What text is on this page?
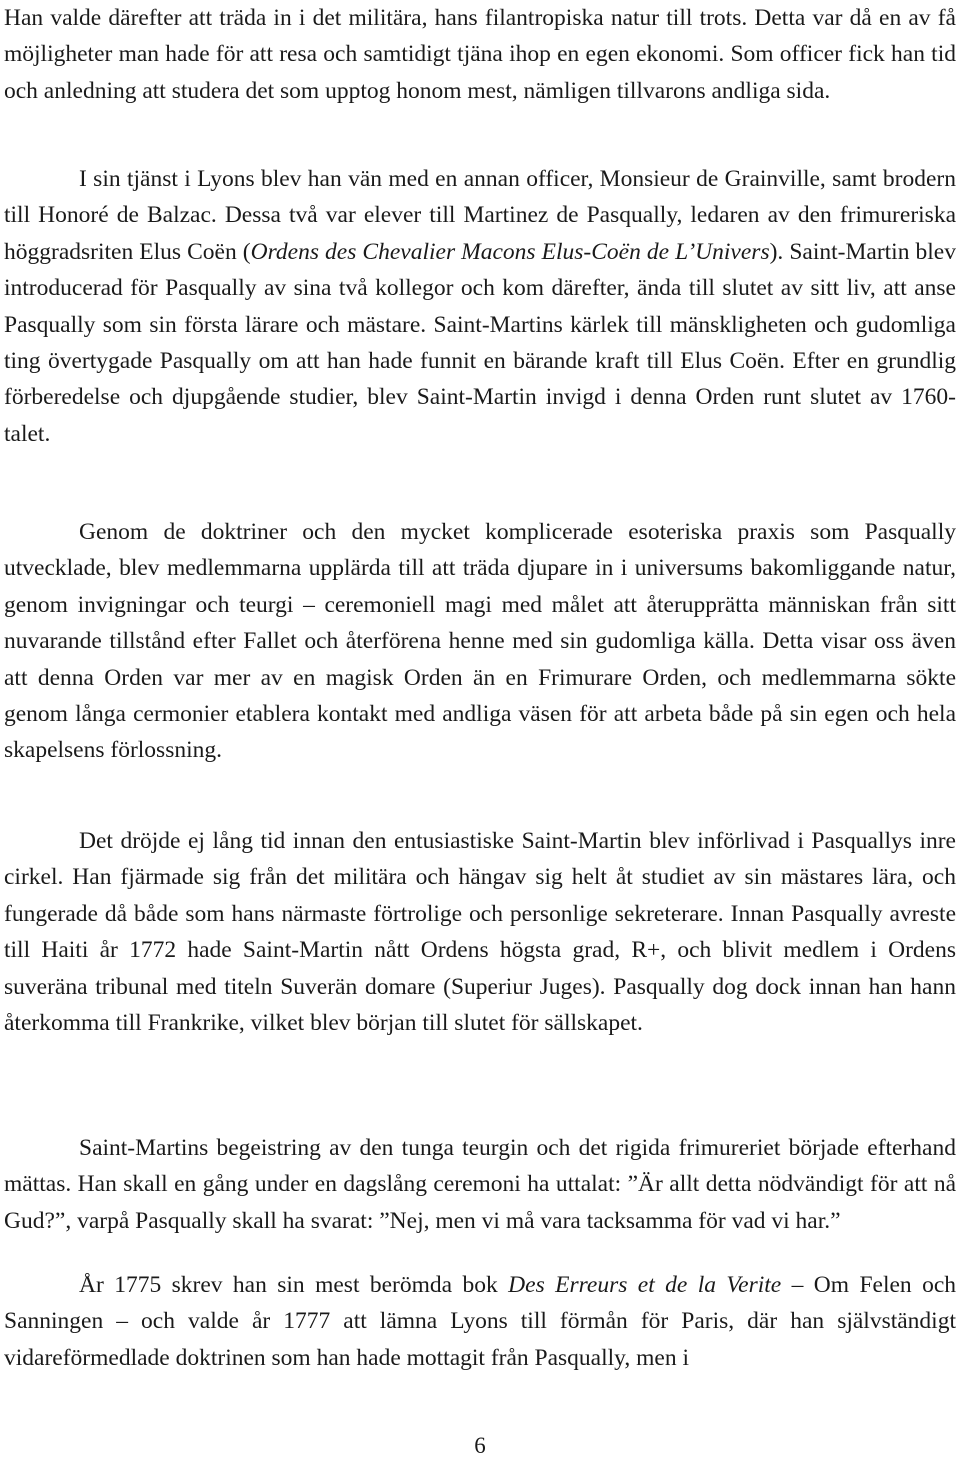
Han valde därefter att träda in i det militära, hans filantropiska natur till trots. Detta var då en av få möjligheter man hade för att resa och samtidigt tjäna ihop en egen ekonomi. Som officer fick han tid och anledning att studera det som upptog honom mest, nämligen tillvarons andliga sida.

I sin tjänst i Lyons blev han vän med en annan officer, Monsieur de Grainville, samt brodern till Honoré de Balzac. Dessa två var elever till Martinez de Pasqually, ledaren av den frimureriska höggradsriten Elus Coën (Ordens des Chevalier Macons Elus-Coën de L’Univers). Saint-Martin blev introducerad för Pasqually av sina två kollegor och kom därefter, ända till slutet av sitt liv, att anse Pasqually som sin första lärare och mästare. Saint-Martins kärlek till mänskligheten och gudomliga ting övertygade Pasqually om att han hade funnit en bärande kraft till Elus Coën. Efter en grundlig förberedelse och djupgående studier, blev Saint-Martin invigd i denna Orden runt slutet av 1760-talet.

Genom de doktriner och den mycket komplicerade esoteriska praxis som Pasqually utvecklade, blev medlemmarna upplärda till att träda djupare in i universums bakomliggande natur, genom invigningar och teurgi – ceremoniell magi med målet att återupprätta människan från sitt nuvarande tillstånd efter Fallet och återförena henne med sin gudomliga källa. Detta visar oss även att denna Orden var mer av en magisk Orden än en Frimurare Orden, och medlemmarna sökte genom långa cermonier etablera kontakt med andliga väsen för att arbeta både på sin egen och hela skapelsens förlossning.

Det dröjde ej lång tid innan den entusiastiske Saint-Martin blev införlivad i Pasquallys inre cirkel. Han fjärmade sig från det militära och hängav sig helt åt studiet av sin mästares lära, och fungerade då både som hans närmaste förtrolige och personlige sekreterare. Innan Pasqually avreste till Haiti år 1772 hade Saint-Martin nått Ordens högsta grad, R+, och blivit medlem i Ordens suveräna tribunal med titeln Suverän domare (Superiur Juges). Pasqually dog dock innan han hann återkomma till Frankrike, vilket blev början till slutet för sällskapet.

Saint-Martins begeistring av den tunga teurgin och det rigida frimureriet började efterhand mättas. Han skall en gång under en dagslång ceremoni ha uttalat: ”Är allt detta nödvändigt för att nå Gud?”, varpå Pasqually skall ha svarat: ”Nej, men vi må vara tacksamma för vad vi har.”

År 1775 skrev han sin mest berömda bok Des Erreurs et de la Verite – Om Felen och Sanningen – och valde år 1777 att lämna Lyons till förmån för Paris, där han självständigt vidareförmedlade doktrinen som han hade mottagit från Pasqually, men i

6
